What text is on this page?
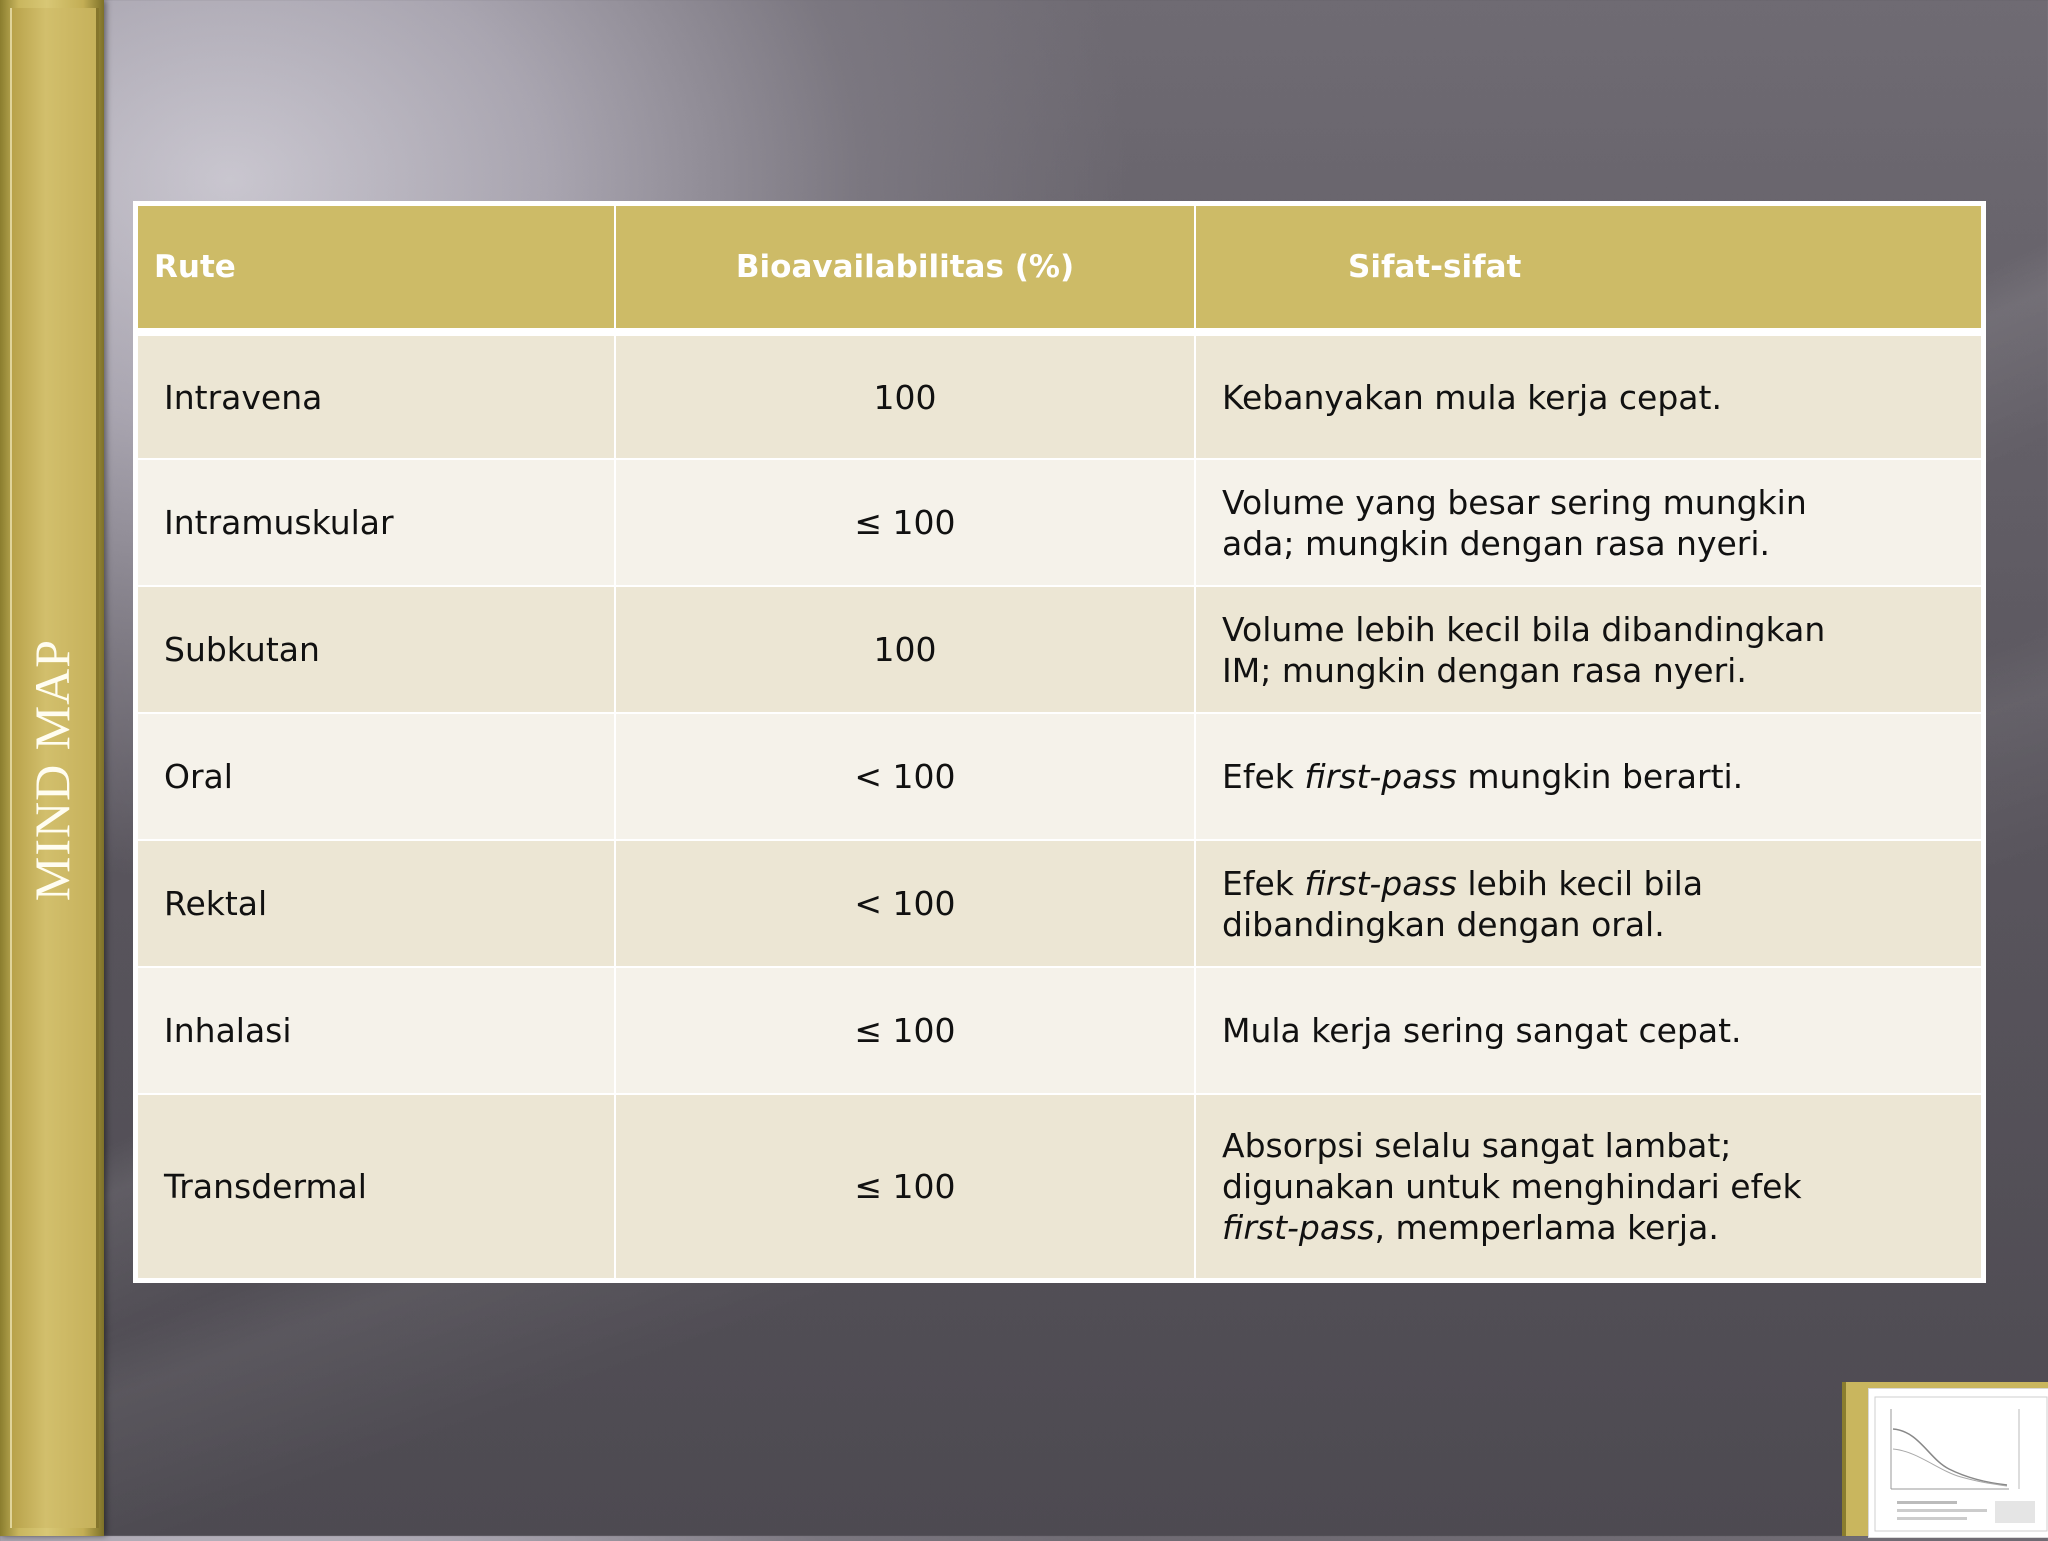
MIND MAP
Rute	Bioavailabilitas (%)	Sifat-sifat
Intravena	100	Kebanyakan mula kerja cepat.
Intramuskular	≤ 100	Volume yang besar sering mungkin
ada; mungkin dengan rasa nyeri.
Subkutan	100	Volume lebih kecil bila dibandingkan
IM; mungkin dengan rasa nyeri.
Oral	< 100	Efek first-pass mungkin berarti.
Rektal	< 100	Efek first-pass lebih kecil bila
dibandingkan dengan oral.
Inhalasi	≤ 100	Mula kerja sering sangat cepat.
Transdermal	≤ 100	Absorpsi selalu sangat lambat;
digunakan untuk menghindari efek
first-pass, memperlama kerja.
